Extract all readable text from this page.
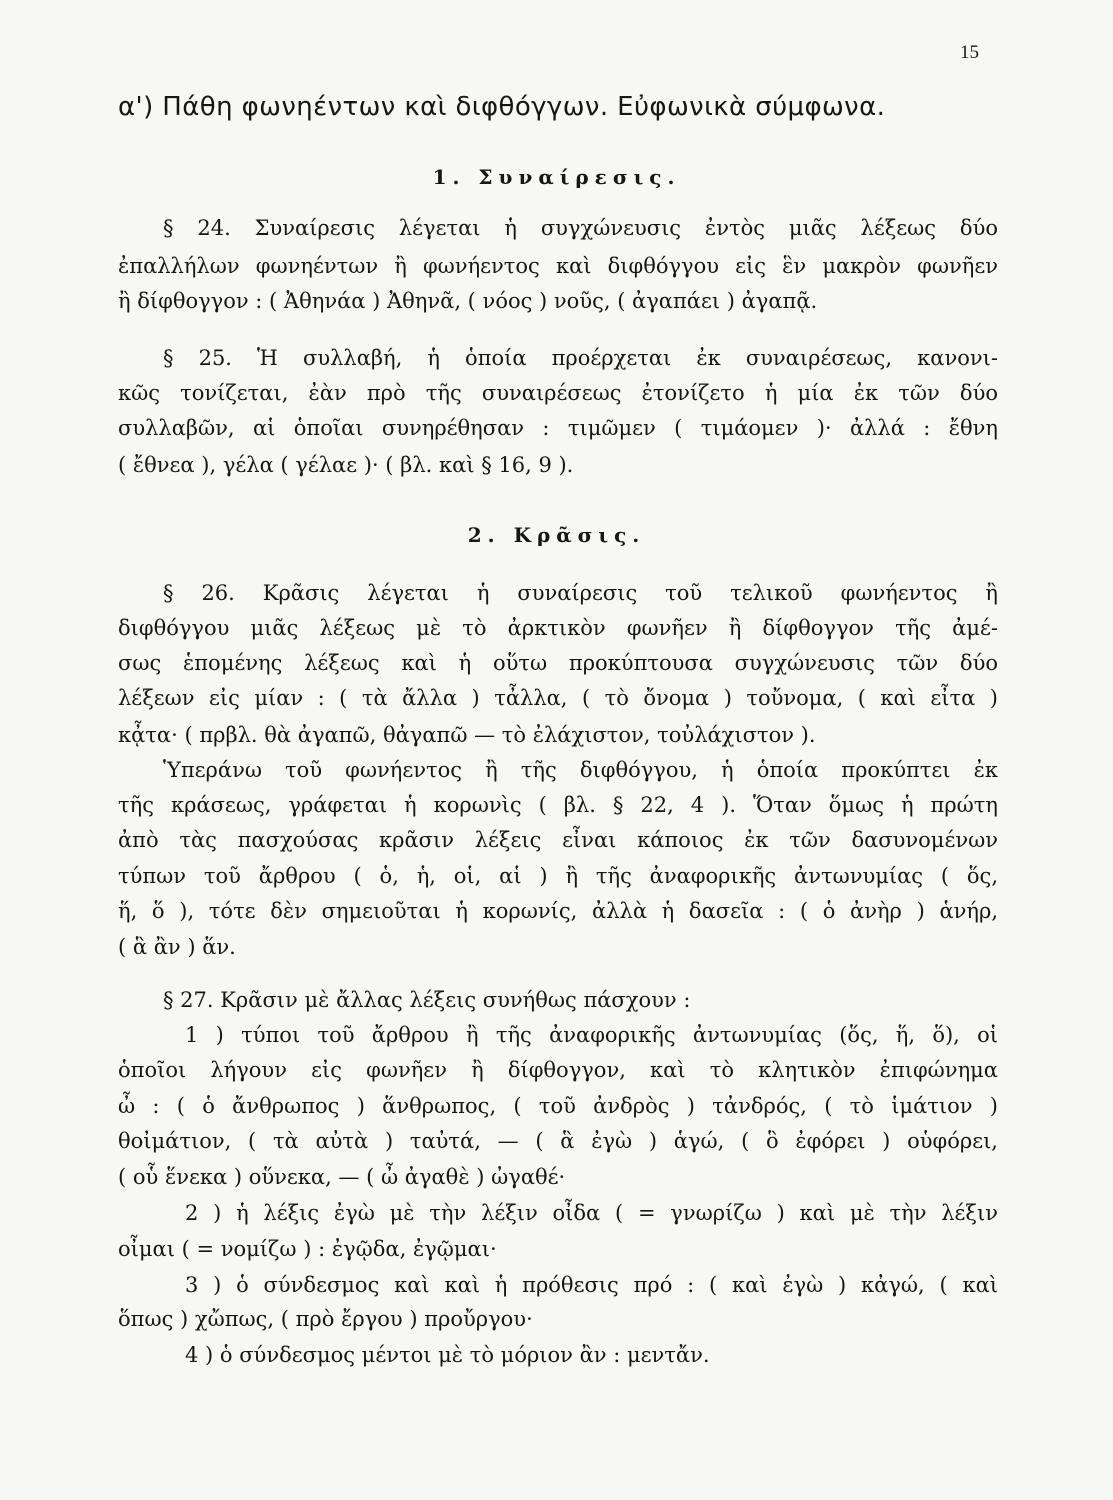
15
α') Πάθη φωνηέντων καὶ διφθόγγων. Εὐφωνικὰ σύμφωνα.
1. Συναίρεσις.
§ 24. Συναίρεσις λέγεται ἡ συγχώνευσις ἐντὸς μιᾶς λέξεως δύο
ἐπαλλήλων φωνηέντων ἢ φωνήεντος καὶ διφθόγγου εἰς ἓν μακρὸν φωνῆεν
ἢ δίφθογγον : ( Ἀθηνάα ) Ἀθηνᾶ, ( νόος ) νοῦς, ( ἀγαπάει ) ἀγαπᾷ.
§ 25. Ἡ συλλαβή, ἡ ὁποία προέρχεται ἐκ συναιρέσεως, κανονι-
κῶς τονίζεται, ἐὰν πρὸ τῆς συναιρέσεως ἐτονίζετο ἡ μία ἐκ τῶν δύο
συλλαβῶν, αἱ ὁποῖαι συνηρέθησαν : τιμῶμεν ( τιμάομεν )· ἀλλά : ἔθνη
( ἔθνεα ), γέλα ( γέλαε )· ( βλ. καὶ § 16, 9 ).
2. Κρᾶσις.
§ 26. Κρᾶσις λέγεται ἡ συναίρεσις τοῦ τελικοῦ φωνήεντος ἢ
διφθόγγου μιᾶς λέξεως μὲ τὸ ἀρκτικὸν φωνῆεν ἢ δίφθογγον τῆς ἀμέ-
σως ἑπομένης λέξεως καὶ ἡ οὕτω προκύπτουσα συγχώνευσις τῶν δύο
λέξεων εἰς μίαν : ( τὰ ἄλλα ) τἆλλα, ( τὸ ὄνομα ) τοὔνομα, ( καὶ εἶτα )
κᾆτα· ( πρβλ. θὰ ἀγαπῶ, θἀγαπῶ — τὸ ἐλάχιστον, τοὐλάχιστον ).
Ὑπεράνω τοῦ φωνήεντος ἢ τῆς διφθόγγου, ἡ ὁποία προκύπτει ἐκ
τῆς κράσεως, γράφεται ἡ κορωνὶς ( βλ. § 22, 4 ). Ὅταν ὅμως ἡ πρώτη
ἀπὸ τὰς πασχούσας κρᾶσιν λέξεις εἶναι κάποιος ἐκ τῶν δασυνομένων
τύπων τοῦ ἄρθρου ( ὁ, ἡ, οἱ, αἱ ) ἢ τῆς ἀναφορικῆς ἀντωνυμίας ( ὅς,
ἥ, ὅ ), τότε δὲν σημειοῦται ἡ κορωνίς, ἀλλὰ ἡ δασεῖα : ( ὁ ἀνὴρ ) ἁνήρ,
( ἃ ἂν ) ἅν.
§ 27. Κρᾶσιν μὲ ἄλλας λέξεις συνήθως πάσχουν :
1 ) τύποι τοῦ ἄρθρου ἢ τῆς ἀναφορικῆς ἀντωνυμίας (ὅς, ἥ, ὅ), οἱ
ὁποῖοι λήγουν εἰς φωνῆεν ἢ δίφθογγον, καὶ τὸ κλητικὸν ἐπιφώνημα
ὦ : ( ὁ ἄνθρωπος ) ἅνθρωπος, ( τοῦ ἀνδρὸς ) τἀνδρός, ( τὸ ἱμάτιον )
θοἰμάτιον, ( τὰ αὐτὰ ) ταὐτά, — ( ἃ ἐγὼ ) ἁγώ, ( ὃ ἐφόρει ) οὑφόρει,
( οὗ ἕνεκα ) οὕνεκα, — ( ὦ ἀγαθὲ ) ὠγαθέ·
2 ) ἡ λέξις ἐγὼ μὲ τὴν λέξιν οἶδα ( = γνωρίζω ) καὶ μὲ τὴν λέξιν
οἶμαι ( = νομίζω ) : ἐγῷδα, ἐγῷμαι·
3 ) ὁ σύνδεσμος καὶ καὶ ἡ πρόθεσις πρό : ( καὶ ἐγὼ ) κἀγώ, ( καὶ
ὅπως ) χὤπως, ( πρὸ ἔργου ) προὔργου·
4 ) ὁ σύνδεσμος μέντοι μὲ τὸ μόριον ἂν : μεντἄν.
